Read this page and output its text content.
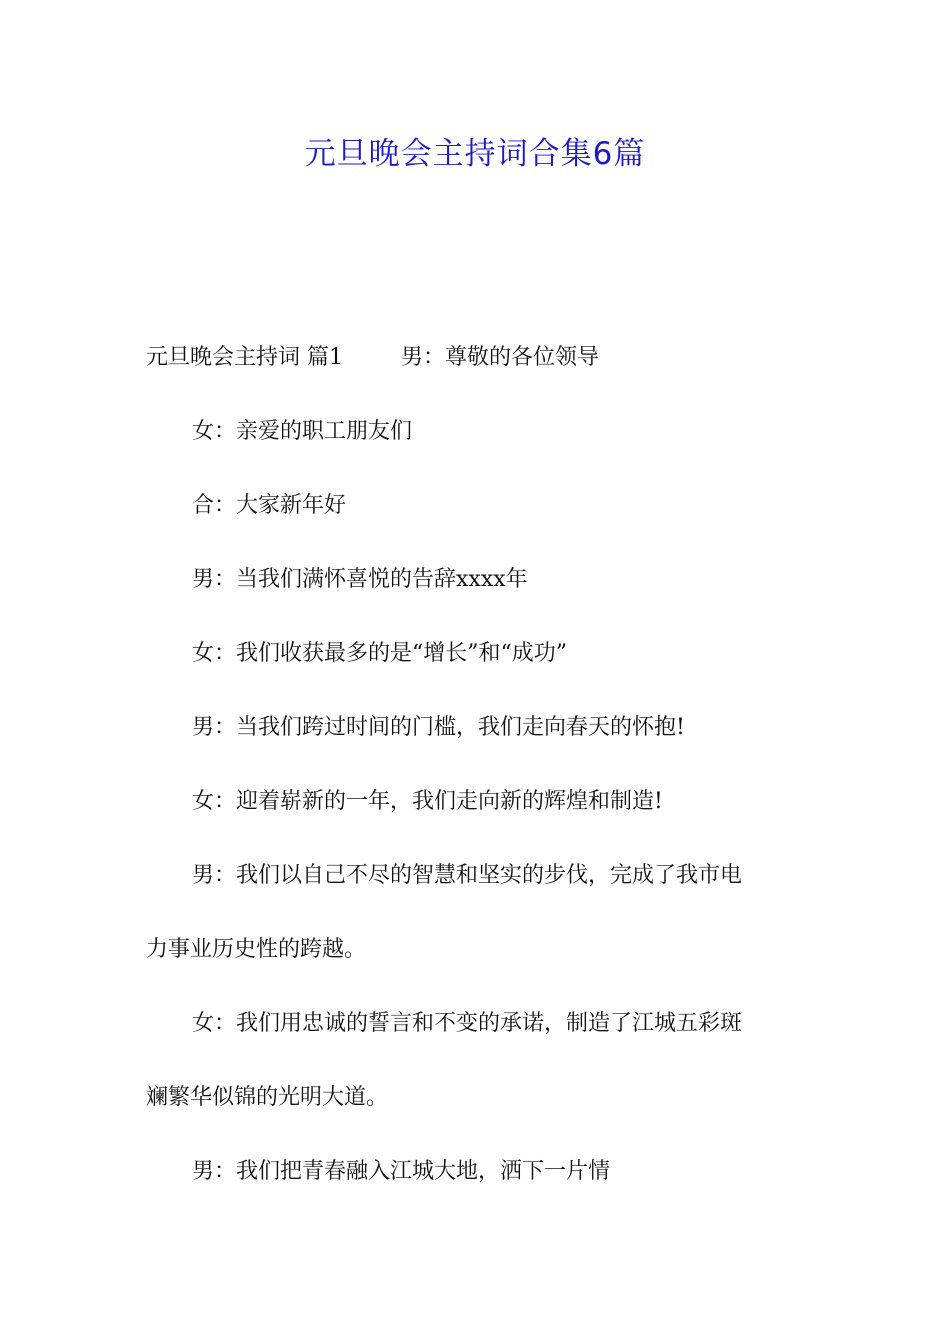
元旦晚会主持词合集6篇

元旦晚会主持词 篇1	男：尊敬的各位领导

女：亲爱的职工朋友们

合：大家新年好

男：当我们满怀喜悦的告辞xxxx年

女：我们收获最多的是“增长”和“成功”

男：当我们跨过时间的门槛，我们走向春天的怀抱!

女：迎着崭新的一年，我们走向新的辉煌和制造!

男：我们以自己不尽的智慧和坚实的步伐，完成了我市电

力事业历史性的跨越。

女：我们用忠诚的誓言和不变的承诺，制造了江城五彩斑

斓繁华似锦的光明大道。

男：我们把青春融入江城大地，洒下一片情
